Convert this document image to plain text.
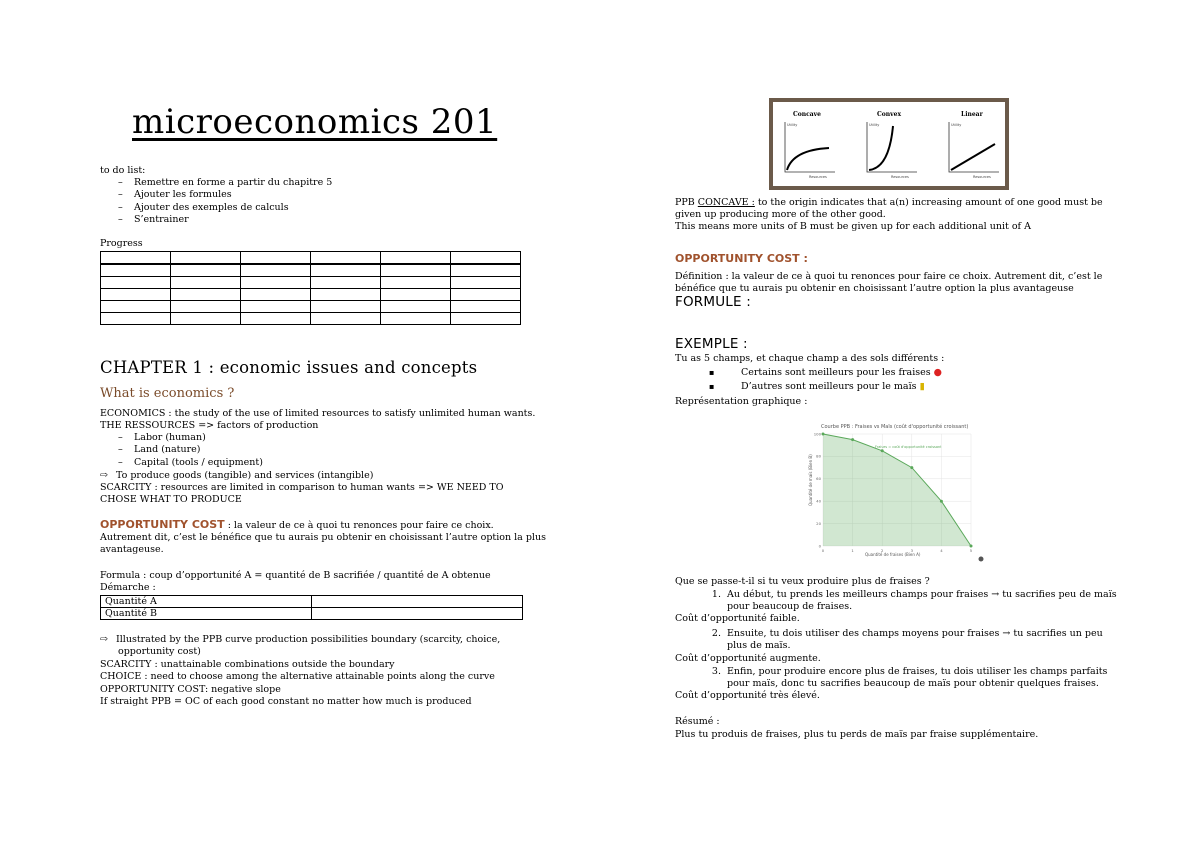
microeconomics 201
to do list:
– Remettre en forme a partir du chapitre 5
– Ajouter les formules
– Ajouter des exemples de calculs
– S’entrainer
Progress

CHAPTER 1 : economic issues and concepts
What is economics ?
ECONOMICS : the study of the use of limited resources to satisfy unlimited human wants.
THE RESSOURCES => factors of production
– Labor (human)
– Land (nature)
– Capital (tools / equipment)
⇨ To produce goods (tangible) and services (intangible)
SCARCITY : resources are limited in comparison to human wants => WE NEED TO
CHOSE WHAT TO PRODUCE
OPPORTUNITY COST : la valeur de ce à quoi tu renonces pour faire ce choix.
Autrement dit, c’est le bénéfice que tu aurais pu obtenir en choisissant l’autre option la plus
avantageuse.
Formula : coup d’opportunité A = quantité de B sacrifiée / quantité de A obtenue
Démarche :
Quantité A	
Quantité B	
⇨ Illustrated by the PPB curve production possibilities boundary (scarcity, choice,
opportunity cost)
SCARCITY : unattainable combinations outside the boundary
CHOICE : need to choose among the alternative attainable points along the curve
OPPORTUNITY COST: negative slope
If straight PPB = OC of each good constant no matter how much is produced
Concave	Convex	Linear
Utility	Utility	Utility
Resources	Resources	Resources
PPB CONCAVE : to the origin indicates that a(n) increasing amount of one good must be
given up producing more of the other good.
This means more units of B must be given up for each additional unit of A
OPPORTUNITY COST :
Définition : la valeur de ce à quoi tu renonces pour faire ce choix. Autrement dit, c’est le
bénéfice que tu aurais pu obtenir en choisissant l’autre option la plus avantageuse
FORMULE :
EXEMPLE :
Tu as 5 champs, et chaque champ a des sols différents :
▪ Certains sont meilleurs pour les fraises ●
▪ D’autres sont meilleurs pour le maïs ▮
Représentation graphique :
Courbe PPB : Fraises vs Maïs (coût d'opportunité croissant)
Quantité de maïs (Bien B)
Quantité de fraises (Bien A)
Fraises = coût d'opportunité croissant
0
20
40
60
80
100
0	1	2	3	4	5
Que se passe-t-il si tu veux produire plus de fraises ?
1. Au début, tu prends les meilleurs champs pour fraises → tu sacrifies peu de maïs
pour beaucoup de fraises.
Coût d’opportunité faible.
2. Ensuite, tu dois utiliser des champs moyens pour fraises → tu sacrifies un peu
plus de maïs.
Coût d’opportunité augmente.
3. Enfin, pour produire encore plus de fraises, tu dois utiliser les champs parfaits
pour maïs, donc tu sacrifies beaucoup de maïs pour obtenir quelques fraises.
Coût d’opportunité très élevé.
Résumé :
Plus tu produis de fraises, plus tu perds de maïs par fraise supplémentaire.
